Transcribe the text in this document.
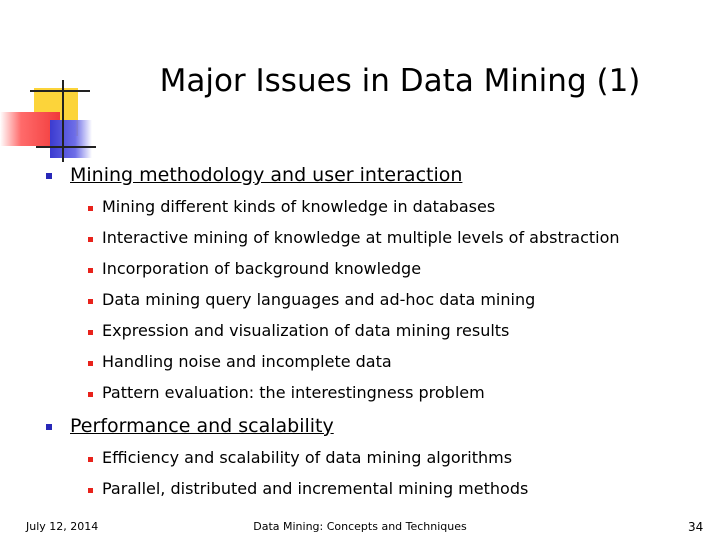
Major Issues in Data Mining (1)
Mining methodology and user interaction
Mining different kinds of knowledge in databases
Interactive mining of knowledge at multiple levels of abstraction
Incorporation of background knowledge
Data mining query languages and ad-hoc data mining
Expression and visualization of data mining results
Handling noise and incomplete data
Pattern evaluation: the interestingness problem
Performance and scalability
Efficiency and scalability of data mining algorithms
Parallel, distributed and incremental mining methods
July 12, 2014	Data Mining: Concepts and Techniques	34
